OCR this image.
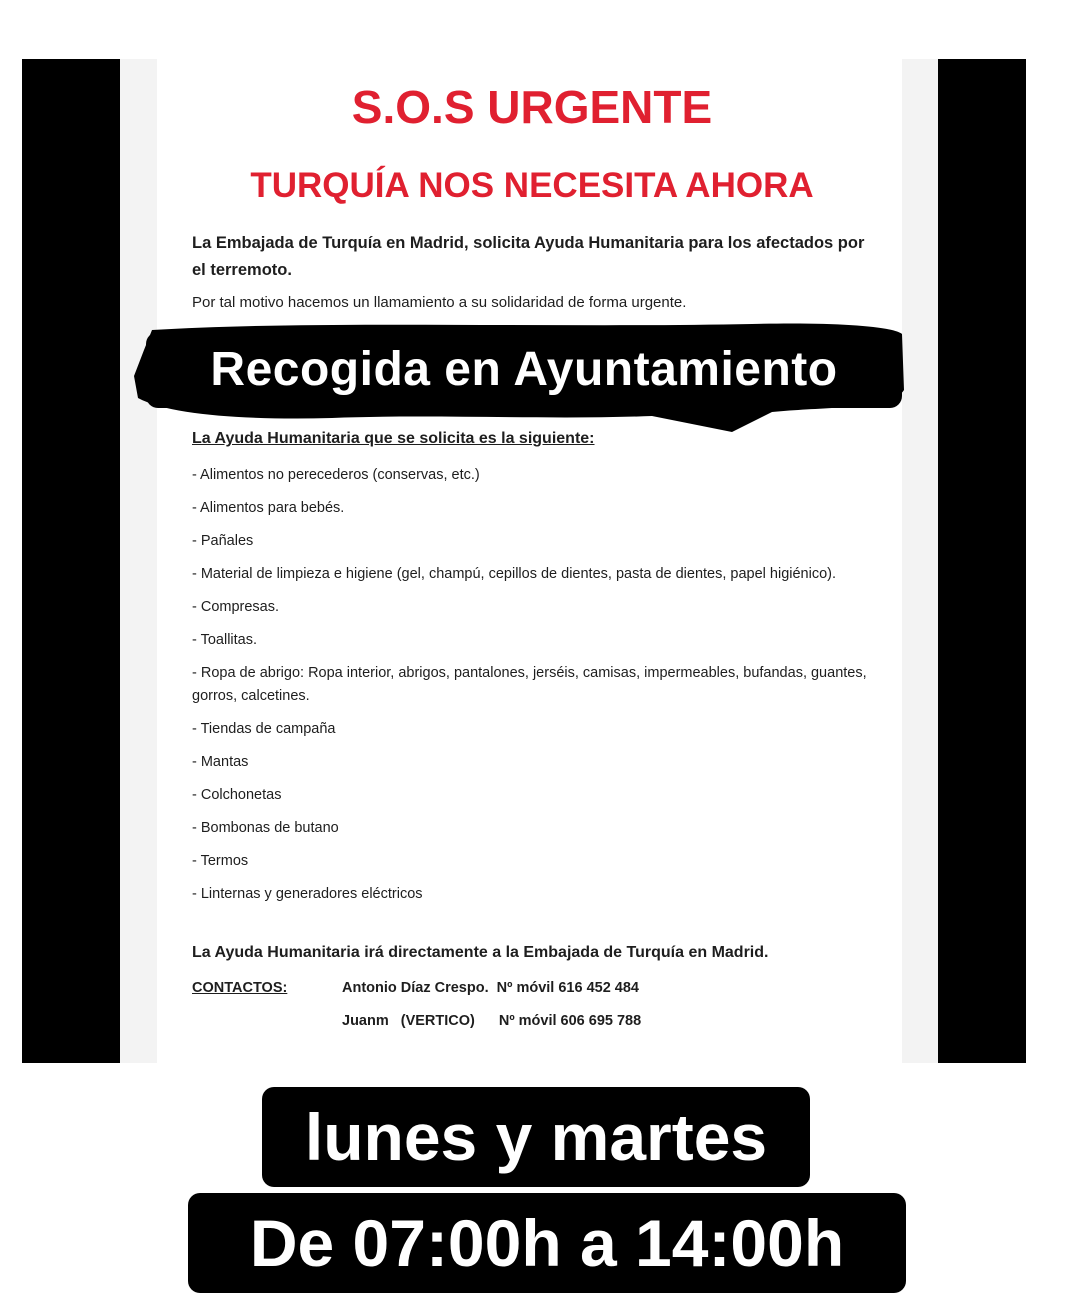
S.O.S URGENTE
TURQUÍA NOS NECESITA AHORA
La Embajada de Turquía en Madrid, solicita Ayuda Humanitaria para los afectados por el terremoto.
Por tal motivo hacemos un llamamiento a su solidaridad de forma urgente.
La Ayuda Humanitaria que se solicita es la siguiente:
- Alimentos no perecederos (conservas, etc.)
- Alimentos para bebés.
- Pañales
- Material de limpieza e higiene (gel, champú, cepillos de dientes, pasta de dientes, papel higiénico).
- Compresas.
- Toallitas.
- Ropa de abrigo: Ropa interior, abrigos, pantalones, jerséis, camisas, impermeables, bufandas, guantes, gorros, calcetines.
- Tiendas de campaña
- Mantas
- Colchonetas
- Bombonas de butano
- Termos
- Linternas y generadores eléctricos
La Ayuda Humanitaria irá directamente a la Embajada de Turquía en Madrid.
CONTACTOS:	Antonio Díaz Crespo. Nº móvil 616 452 484
Juanm (VERTICO) Nº móvil 606 695 788
Recogida en Ayuntamiento
lunes y martes
De 07:00h a 14:00h
